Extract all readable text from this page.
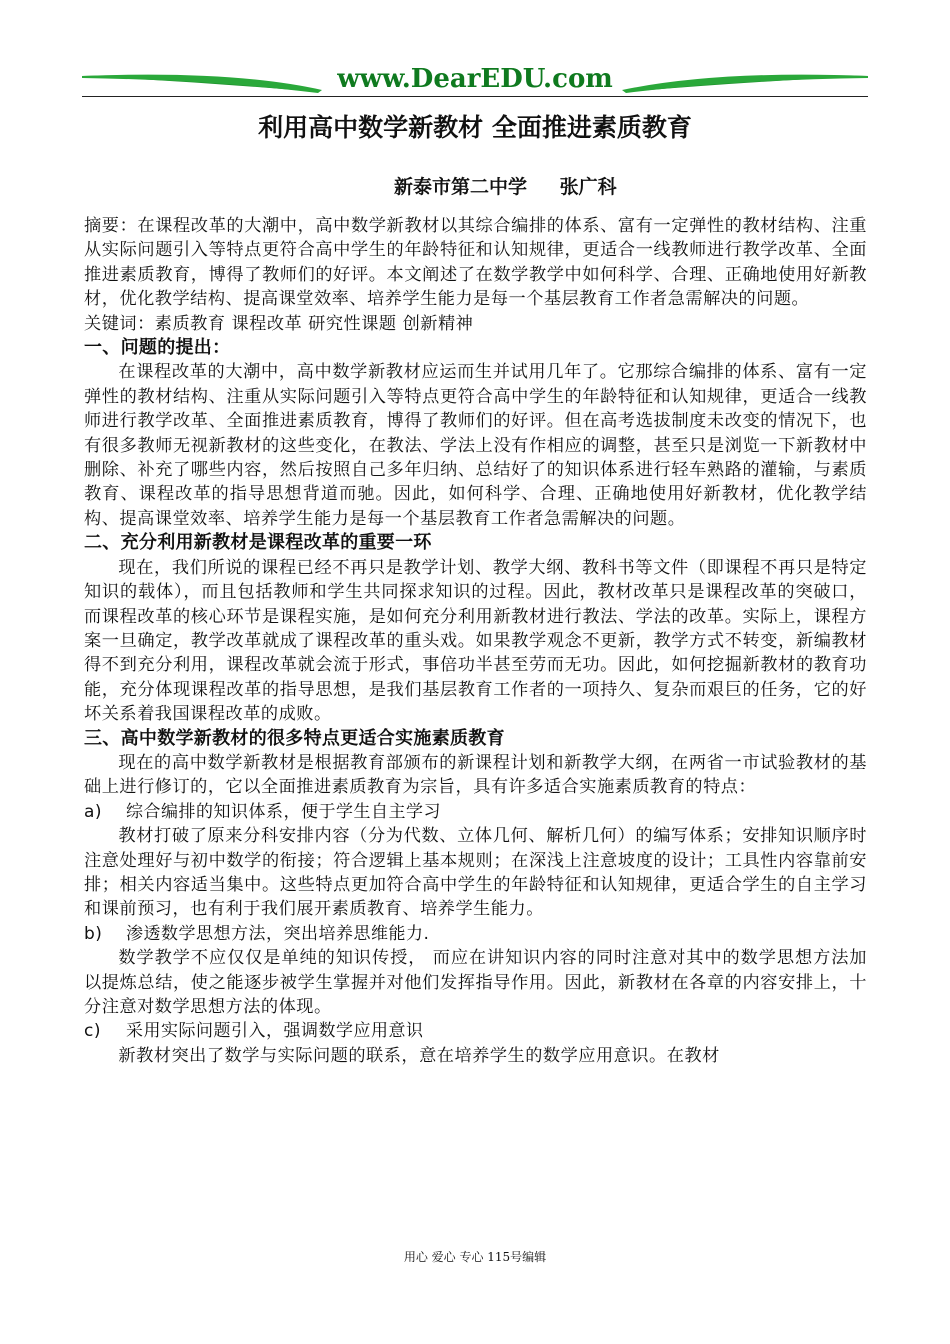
www.DearEDU.com
利用高中数学新教材 全面推进素质教育
新泰市第二中学 张广科

摘要：在课程改革的大潮中，高中数学新教材以其综合编排的体系、富有一定弹性的教材结构、注重从实际问题引入等特点更符合高中学生的年龄特征和认知规律，更适合一线教师进行教学改革、全面推进素质教育，博得了教师们的好评。本文阐述了在数学教学中如何科学、合理、正确地使用好新教材，优化教学结构、提高课堂效率、培养学生能力是每一个基层教育工作者急需解决的问题。

关键词：素质教育 课程改革 研究性课题 创新精神

一、问题的提出：

在课程改革的大潮中，高中数学新教材应运而生并试用几年了。它那综合编排的体系、富有一定弹性的教材结构、注重从实际问题引入等特点更符合高中学生的年龄特征和认知规律，更适合一线教师进行教学改革、全面推进素质教育，博得了教师们的好评。但在高考选拔制度未改变的情况下，也有很多教师无视新教材的这些变化，在教法、学法上没有作相应的调整，甚至只是浏览一下新教材中删除、补充了哪些内容，然后按照自己多年归纳、总结好了的知识体系进行轻车熟路的灌输，与素质教育、课程改革的指导思想背道而驰。因此，如何科学、合理、正确地使用好新教材，优化教学结构、提高课堂效率、培养学生能力是每一个基层教育工作者急需解决的问题。

二、充分利用新教材是课程改革的重要一环

现在，我们所说的课程已经不再只是教学计划、教学大纲、教科书等文件（即课程不再只是特定知识的载体），而且包括教师和学生共同探求知识的过程。因此，教材改革只是课程改革的突破口，而课程改革的核心环节是课程实施，是如何充分利用新教材进行教法、学法的改革。实际上，课程方案一旦确定，教学改革就成了课程改革的重头戏。如果教学观念不更新，教学方式不转变，新编教材得不到充分利用，课程改革就会流于形式，事倍功半甚至劳而无功。因此，如何挖掘新教材的教育功能，充分体现课程改革的指导思想，是我们基层教育工作者的一项持久、复杂而艰巨的任务，它的好坏关系着我国课程改革的成败。

三、高中数学新教材的很多特点更适合实施素质教育

现在的高中数学新教材是根据教育部颁布的新课程计划和新教学大纲，在两省一市试验教材的基础上进行修订的，它以全面推进素质教育为宗旨，具有许多适合实施素质教育的特点：

a) 综合编排的知识体系，便于学生自主学习

教材打破了原来分科安排内容（分为代数、立体几何、解析几何）的编写体系；安排知识顺序时注意处理好与初中数学的衔接；符合逻辑上基本规则；在深浅上注意坡度的设计；工具性内容靠前安排；相关内容适当集中。这些特点更加符合高中学生的年龄特征和认知规律，更适合学生的自主学习和课前预习，也有利于我们展开素质教育、培养学生能力。

b) 渗透数学思想方法，突出培养思维能力.

数学教学不应仅仅是单纯的知识传授， 而应在讲知识内容的同时注意对其中的数学思想方法加以提炼总结，使之能逐步被学生掌握并对他们发挥指导作用。因此，新教材在各章的内容安排上，十分注意对数学思想方法的体现。

c) 采用实际问题引入，强调数学应用意识

新教材突出了数学与实际问题的联系，意在培养学生的数学应用意识。在教材

用心 爱心 专心 115号编辑
